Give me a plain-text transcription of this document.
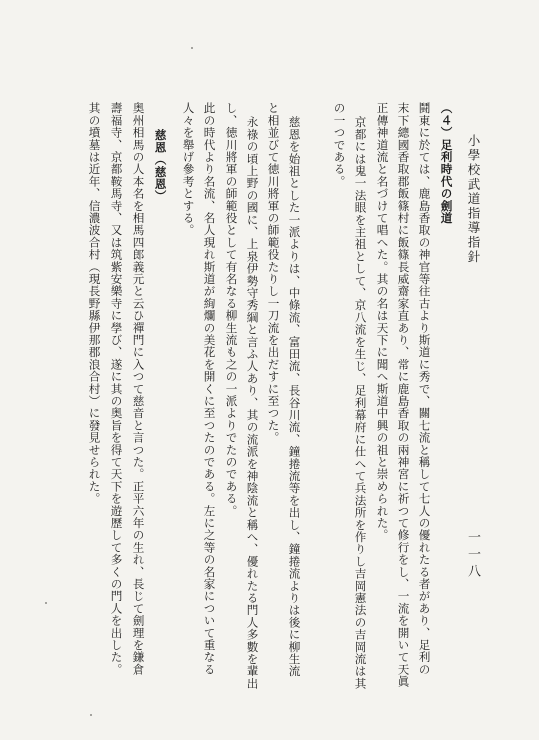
小學校武道指導指針
一一八
（４）足利時代の劍道
鬪東に於ては、鹿島香取の神官等往古より斯道に秀で、關七流と稱して七人の優れたる者があり、足利の
末下總國香取郡飯篠村に飯篠長威齋家直あり、常に鹿島香取の兩神宮に祈つて修行をし、一流を開いて天眞
正傳神道流と名づけて唱へた。其の名は天下に聞へ斯道中興の祖と崇められた。
京都には鬼一法眼を主祖として、京八流を生じ、足利幕府に仕へて兵法所を作りし吉岡憲法の吉岡流は其
の一つである。
慈恩を始祖とした一派よりは、中條流、富田流、長谷川流、鐘捲流等を出し、鐘捲流よりは後に柳生流
と相並びて徳川將軍の師範役たりし一刀流を出だすに至つた。
永祿の頃上野の國に、上泉伊勢守秀綱と言ふ人あり、其の流派を神陰流と稱へ、優れたる門人多數を輩出
し、徳川將軍の師範役として有名なる柳生流も之の一派よりでたのである。
此の時代より名流、名人現れ斯道が絢爛の美花を開くに至つたのである。左に之等の名家について重なる
人々を舉げ參考とする。
慈恩（慈恩）
奥州相馬の人本名を相馬四郎義元と云ひ禪門に入つて慈音と言つた。正平六年の生れ、長じて劍理を鎌倉
壽福寺、京都鞍馬寺、又は筑紫安樂寺に學び、遂に其の奥旨を得て天下を遊歷して多くの門人を出した。
其の墳墓は近年、信濃波合村（現長野縣伊那郡浪合村）に發見せられた。
